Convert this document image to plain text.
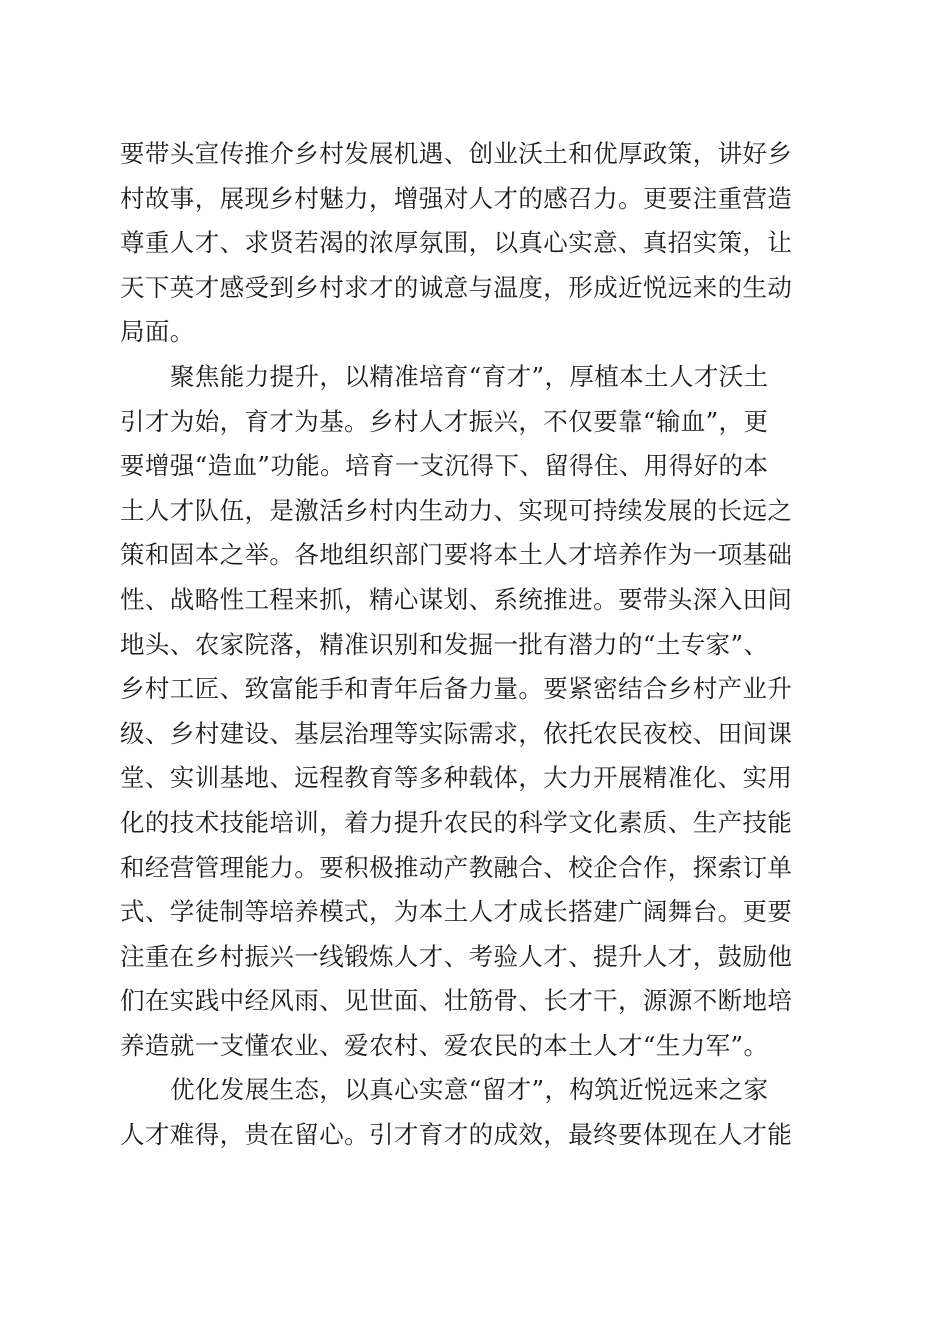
要带头宣传推介乡村发展机遇、创业沃土和优厚政策，讲好乡
村故事，展现乡村魅力，增强对人才的感召力。更要注重营造
尊重人才、求贤若渴的浓厚氛围，以真心实意、真招实策，让
天下英才感受到乡村求才的诚意与温度，形成近悦远来的生动
局面。
聚焦能力提升，以精准培育“育才”，厚植本土人才沃土
引才为始，育才为基。乡村人才振兴，不仅要靠“输血”，更
要增强“造血”功能。培育一支沉得下、留得住、用得好的本
土人才队伍，是激活乡村内生动力、实现可持续发展的长远之
策和固本之举。各地组织部门要将本土人才培养作为一项基础
性、战略性工程来抓，精心谋划、系统推进。要带头深入田间
地头、农家院落，精准识别和发掘一批有潜力的“土专家”、
乡村工匠、致富能手和青年后备力量。要紧密结合乡村产业升
级、乡村建设、基层治理等实际需求，依托农民夜校、田间课
堂、实训基地、远程教育等多种载体，大力开展精准化、实用
化的技术技能培训，着力提升农民的科学文化素质、生产技能
和经营管理能力。要积极推动产教融合、校企合作，探索订单
式、学徒制等培养模式，为本土人才成长搭建广阔舞台。更要
注重在乡村振兴一线锻炼人才、考验人才、提升人才，鼓励他
们在实践中经风雨、见世面、壮筋骨、长才干，源源不断地培
养造就一支懂农业、爱农村、爱农民的本土人才“生力军”。
优化发展生态，以真心实意“留才”，构筑近悦远来之家
人才难得，贵在留心。引才育才的成效，最终要体现在人才能
